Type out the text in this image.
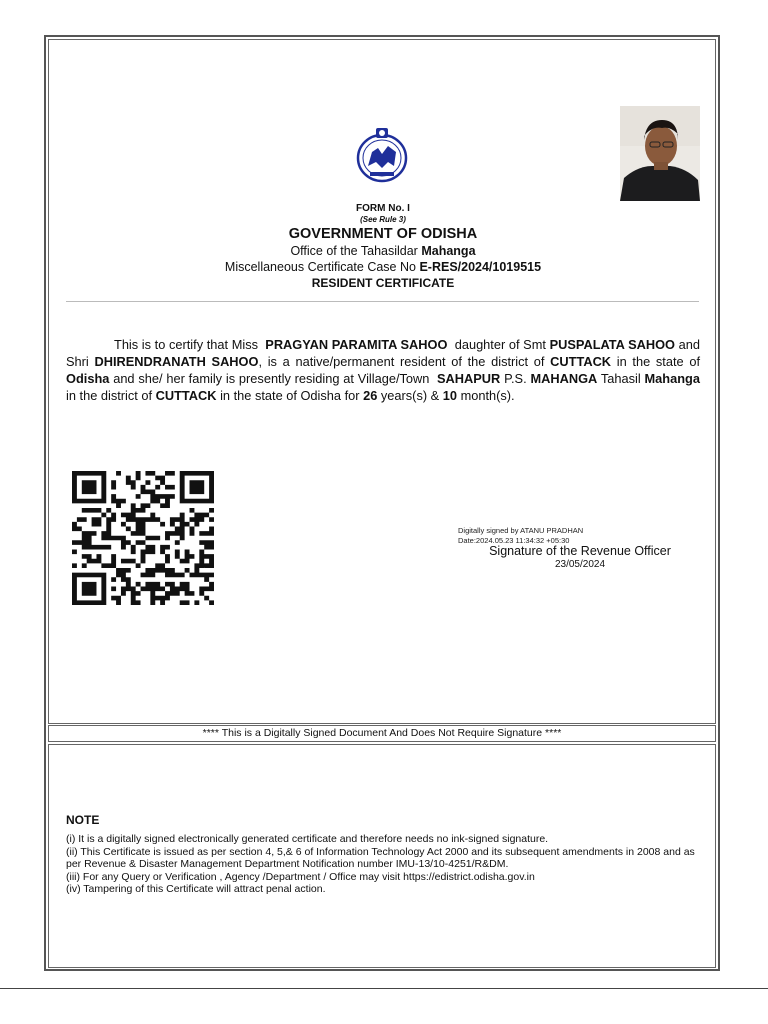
FORM No. I
(See Rule 3)
GOVERNMENT OF ODISHA
Office of the Tahasildar Mahanga
Miscellaneous Certificate Case No E-RES/2024/1019515
RESIDENT CERTIFICATE
This is to certify that Miss PRAGYAN PARAMITA SAHOO daughter of Smt PUSPALATA SAHOO and Shri DHIRENDRANATH SAHOO, is a native/permanent resident of the district of CUTTACK in the state of Odisha and she/ her family is presently residing at Village/Town SAHAPUR P.S. MAHANGA Tahasil Mahanga in the district of CUTTACK in the state of Odisha for 26 years(s) & 10 month(s).
Digitally signed by ATANU PRADHAN
Date:2024.05.23 11:34:32 +05:30
Signature of the Revenue Officer
23/05/2024
**** This is a Digitally Signed Document And Does Not Require Signature ****
NOTE
(i) It is a digitally signed electronically generated certificate and therefore needs no ink-signed signature.
(ii) This Certificate is issued as per section 4, 5,& 6 of Information Technology Act 2000 and its subsequent amendments in 2008 and as per Revenue & Disaster Management Department Notification number IMU-13/10-4251/R&DM.
(iii) For any Query or Verification , Agency /Department / Office may visit https://edistrict.odisha.gov.in
(iv) Tampering of this Certificate will attract penal action.
